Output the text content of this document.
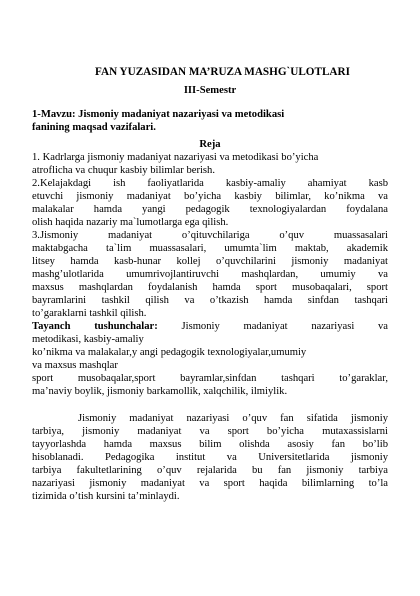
FAN YUZASIDAN MA’RUZA MASHG`ULOTLARI
III-Semestr
1-Mavzu: Jismoniy madaniyat nazariyasi va metodikasi
fanining maqsad vazifalari.
Reja
1. Kadrlarga jismoniy madaniyat nazariyasi va metodikasi bo’yicha
atroflicha va chuqur kasbiy bilimlar berish.
2.Kelajakdagi ish faoliyatlarida kasbiy-amaliy ahamiyat kasb
etuvchi jismoniy madaniyat bo’yicha kasbiy bilimlar, ko’nikma va
malakalar hamda yangi pedagogik texnologiyalardan foydalana
olish haqida nazariy ma`lumotlarga ega qilish.
3.Jismoniy madaniyat o’qituvchilariga o’quv muassasalari
maktabgacha ta`lim muassasalari, umumta`lim maktab, akademik
litsey hamda kasb-hunar kollej o’quvchilarini jismoniy madaniyat
mashg’ulotlarida umumrivojlantiruvchi mashqlardan, umumiy va
maxsus mashqlardan foydalanish hamda sport musobaqalari, sport
bayramlarini tashkil qilish va o’tkazish hamda sinfdan tashqari
to’garaklarni tashkil qilish.
Tayanch tushunchalar: Jismoniy madaniyat nazariyasi va
metodikasi, kasbiy-amaliy
ko’nikma va malakalar,y angi pedagogik texnologiyalar,umumiy
va maxsus mashqlar
sport musobaqalar,sport bayramlar,sinfdan tashqari to’garaklar,
ma’naviy boylik, jismoniy barkamollik, xalqchilik, ilmiylik.
Jismoniy madaniyat nazariyasi o’quv fan sifatida jismoniy
tarbiya, jismoniy madaniyat va sport bo’yicha mutaxassislarni
tayyorlashda hamda maxsus bilim olishda asosiy fan bo’lib
hisoblanadi. Pedagogika institut va Universitetlarida jismoniy
tarbiya fakultetlarining o’quv rejalarida bu fan jismoniy tarbiya
nazariyasi jismoniy madaniyat va sport haqida bilimlarning to’la
tizimida o’tish kursini ta’minlaydi.
